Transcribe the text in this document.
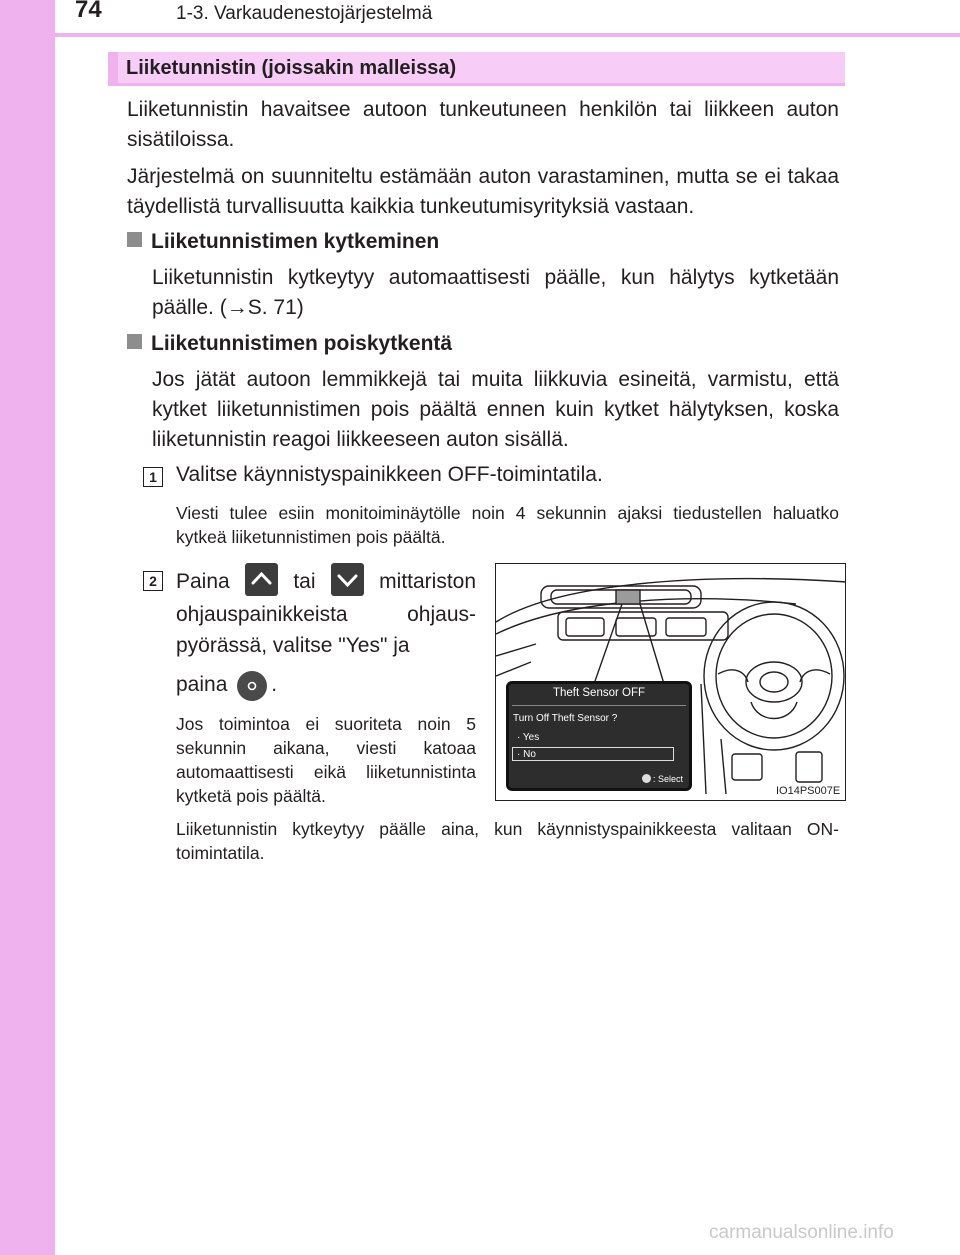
74	1-3. Varkaudenestojärjestelmä
Liiketunnistin (joissakin malleissa)

Liiketunnistin havaitsee autoon tunkeutuneen henkilön tai liikkeen auton sisätiloissa.

Järjestelmä on suunniteltu estämään auton varastaminen, mutta se ei takaa täydellistä turvallisuutta kaikkia tunkeutumisyrityksiä vastaan.

Liiketunnistimen kytkeminen

Liiketunnistin kytkeytyy automaattisesti päälle, kun hälytys kytketään päälle. (→S. 71)

Liiketunnistimen poiskytkentä

Jos jätät autoon lemmikkejä tai muita liikkuvia esineitä, varmistu, että kytket liiketunnistimen pois päältä ennen kuin kytket hälytyksen, koska liiketunnistin reagoi liikkeeseen auton sisällä.

1 Valitse käynnistyspainikkeen OFF-toimintatila.

Viesti tulee esiin monitoiminäytölle noin 4 sekunnin ajaksi tiedustellen haluatko kytkeä liiketunnistimen pois päältä.

2 Paina	tai	mittariston ohjauspainikkeista ohjauspyörässä, valitse "Yes" ja
paina .

Jos toimintoa ei suoriteta noin 5 sekunnin aikana, viesti katoaa automaattisesti eikä liiketunnistinta kytketä pois päältä.

Theft Sensor OFF
Turn Off Theft Sensor ?
· Yes
· No
: Select
IO14PS007E

Liiketunnistin kytkeytyy päälle aina, kun käynnistyspainikkeesta valitaan ON-toimintatila.

carmanualsonline.info
